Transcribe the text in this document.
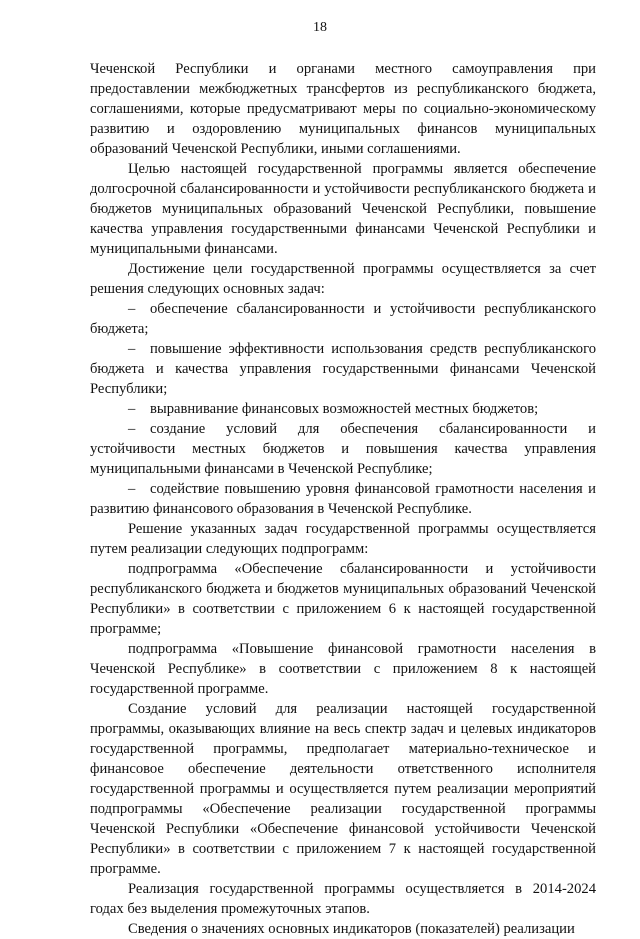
18

Чеченской Республики и органами местного самоуправления при предоставлении межбюджетных трансфертов из республиканского бюджета, соглашениями, которые предусматривают меры по социально-экономическому развитию и оздоровлению муниципальных финансов муниципальных образований Чеченской Республики, иными соглашениями.

Целью настоящей государственной программы является обеспечение долгосрочной сбалансированности и устойчивости республиканского бюджета и бюджетов муниципальных образований Чеченской Республики, повышение качества управления государственными финансами Чеченской Республики и муниципальными финансами.

Достижение цели государственной программы осуществляется за счет решения следующих основных задач:

– обеспечение сбалансированности и устойчивости республиканского бюджета;

– повышение эффективности использования средств республиканского бюджета и качества управления государственными финансами Чеченской Республики;

– выравнивание финансовых возможностей местных бюджетов;

– создание условий для обеспечения сбалансированности и устойчивости местных бюджетов и повышения качества управления муниципальными финансами в Чеченской Республике;

– содействие повышению уровня финансовой грамотности населения и развитию финансового образования в Чеченской Республике.

Решение указанных задач государственной программы осуществляется путем реализации следующих подпрограмм:

подпрограмма «Обеспечение сбалансированности и устойчивости республиканского бюджета и бюджетов муниципальных образований Чеченской Республики» в соответствии с приложением 6 к настоящей государственной программе;

подпрограмма «Повышение финансовой грамотности населения в Чеченской Республике» в соответствии с приложением 8 к настоящей государственной программе.

Создание условий для реализации настоящей государственной программы, оказывающих влияние на весь спектр задач и целевых индикаторов государственной программы, предполагает материально-техническое и финансовое обеспечение деятельности ответственного исполнителя государственной программы и осуществляется путем реализации мероприятий подпрограммы «Обеспечение реализации государственной программы Чеченской Республики «Обеспечение финансовой устойчивости Чеченской Республики» в соответствии с приложением 7 к настоящей государственной программе.

Реализация государственной программы осуществляется в 2014-2024 годах без выделения промежуточных этапов.

Сведения о значениях основных индикаторов (показателей) реализации
